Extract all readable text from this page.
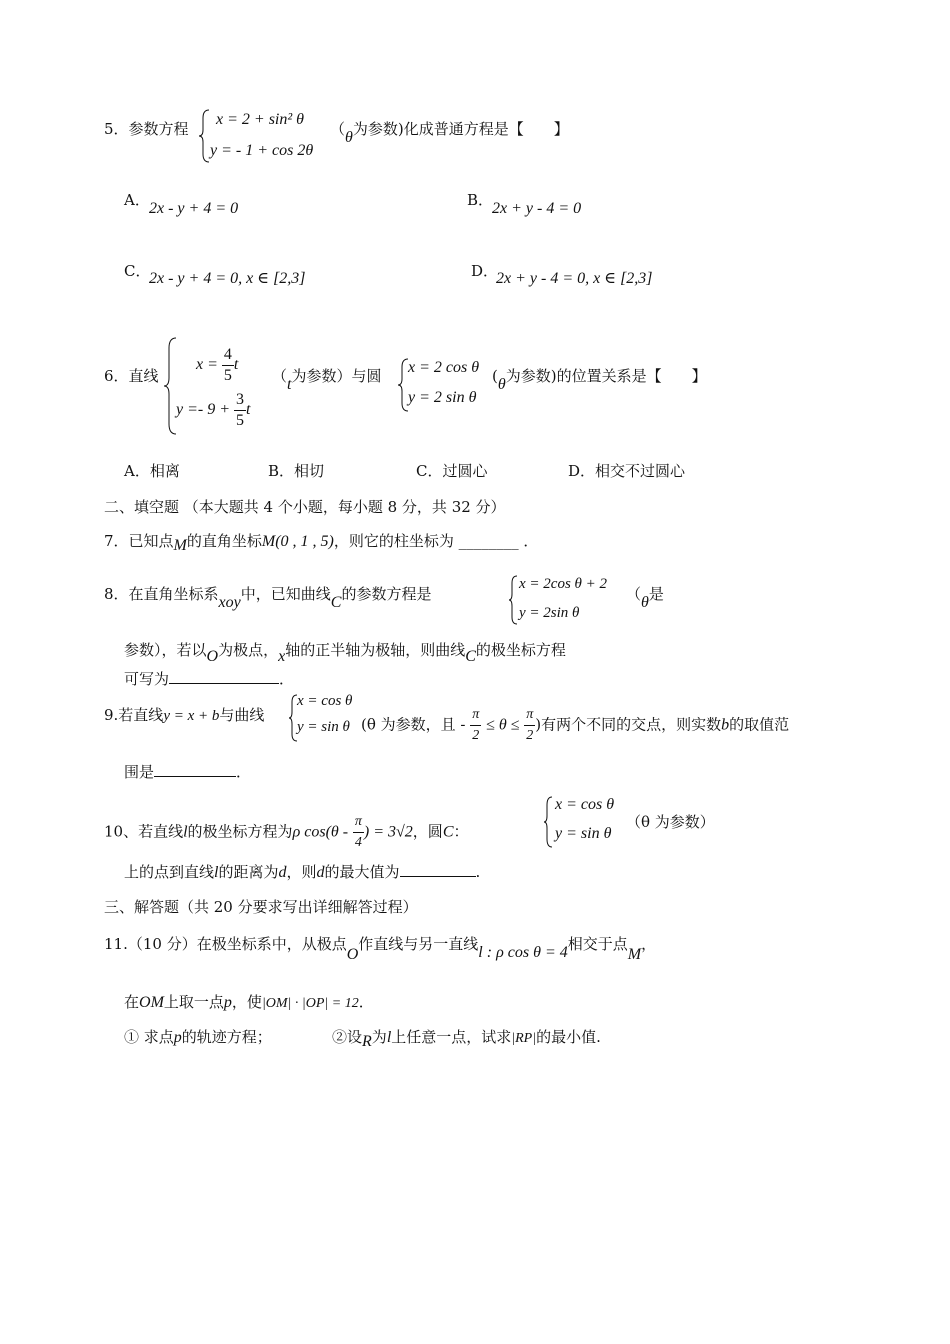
5．参数方程
x = 2 + sin² θ
y = - 1 + cos 2θ
（θ为参数)化成普通方程是【　　】
A． 2x - y + 4 = 0	B．
2x + y - 4 = 0
C．
2x - y + 4 = 0, x ∈ [2,3]	D．
2x + y - 4 = 0, x ∈ [2,3]
6．直线
$x = \frac{4}{5}$ t
$y =- 9 + \frac{3}{5}$ t
（t为参数）与圆 x = 2 cos θ
y = 2 sin θ
(θ为参数)的位置关系是【　　】
A．相离	B．相切	C．过圆心	D．相交不过圆心
二、填空题 （本大题共 4 个小题，每小题 8 分，共 32 分）
7．已知点M的直角坐标M(0 , 1 , 5)，则它的柱坐标为 ________ ．
8．在直角坐标系xoy中，已知曲线C的参数方程是
x = 2cos θ + 2
y = 2sin θ
（θ是
参数），若以O为极点，x轴的正半轴为极轴，则曲线C的极坐标方程
可写为	．
9.若直线y = x + b与曲线
x = cos θ
y = sin θ (θ 为参数，且 - $\frac{\pi}{2} \le \theta \le \frac{\pi}{2}$ )有两个不同的交点，则实数b的取值范
围是	．
10、若直线l的极坐标方程为ρ $\cos(\theta - \frac{\pi}{4}$ ) = 3√2，圆C：
x = cos θ
y = sin θ
（θ 为参数）
上的点到直线l的距离为d，则d的最大值为	.
三、解答题（共 20 分要求写出详细解答过程）
11.（10 分）在极坐标系中，从极点O作直线与另一直线l : ρ cos θ = 4相交于点M，
在OM上取一点p，使|OM| · |OP| = 12．
① 求点p的轨迹方程；	②设R为l上任意一点，试求|RP|的最小值.
